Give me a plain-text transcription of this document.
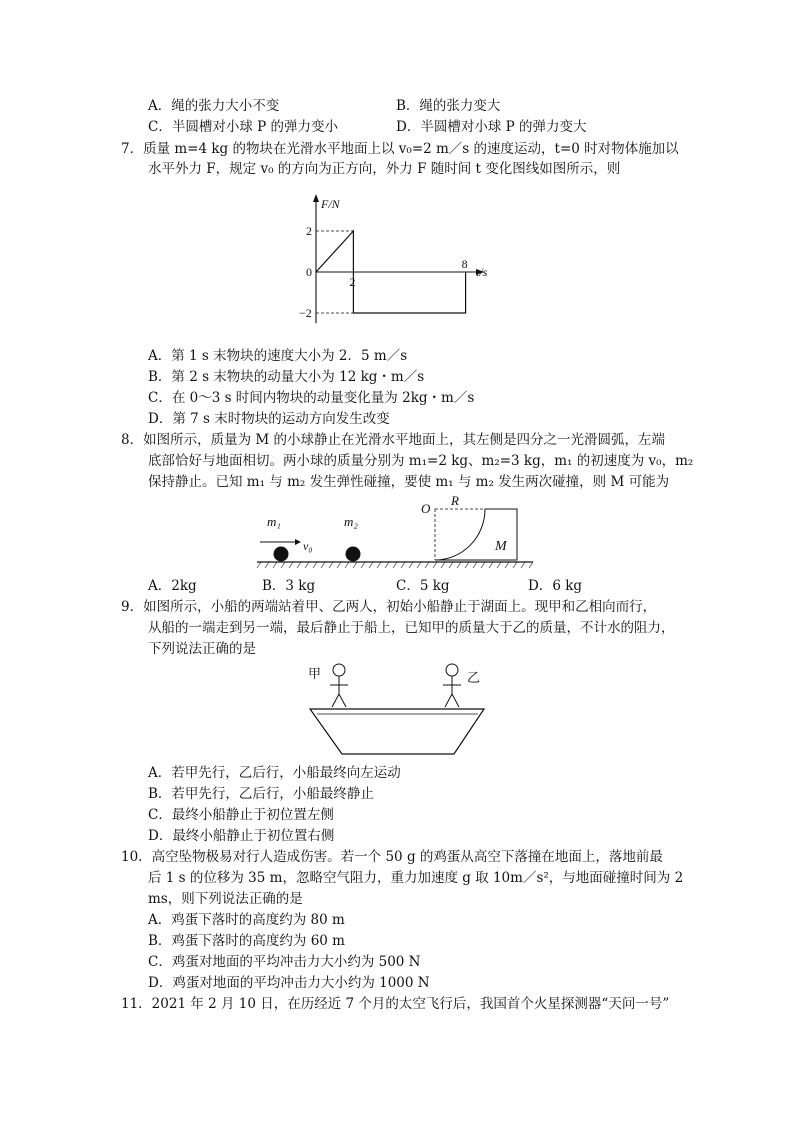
A．绳的张力大小不变	B．绳的张力变大
C．半圆槽对小球 P 的弹力变小	D．半圆槽对小球 P 的弹力变大
7．质量 m=4 kg 的物块在光滑水平地面上以 v₀=2 m／s 的速度运动，t=0 时对物体施加以
水平外力 F，规定 v₀ 的方向为正方向，外力 F 随时间 t 变化图线如图所示，则
F/N
t/s
2
0
−2
2
8
A．第 1 s 末物块的速度大小为 2．5 m／s
B．第 2 s 末物块的动量大小为 12 kg・m／s
C．在 0～3 s 时间内物块的动量变化量为 2kg・m／s
D．第 7 s 末时物块的运动方向发生改变
8．如图所示，质量为 M 的小球静止在光滑水平地面上，其左侧是四分之一光滑圆弧，左端
底部恰好与地面相切。两小球的质量分别为 m₁=2 kg、m₂=3 kg，m₁ 的初速度为 v₀，m₂
保持静止。已知 m₁ 与 m₂ 发生弹性碰撞，要使 m₁ 与 m₂ 发生两次碰撞，则 M 可能为
m₁	m₂
v₀
O
R
M
A．2kg	B．3 kg	C．5 kg	D．6 kg
9．如图所示，小船的两端站着甲、乙两人，初始小船静止于湖面上。现甲和乙相向而行，
从船的一端走到另一端，最后静止于船上，已知甲的质量大于乙的质量，不计水的阻力，
下列说法正确的是
甲	乙
A．若甲先行，乙后行，小船最终向左运动
B．若甲先行，乙后行，小船最终静止
C．最终小船静止于初位置左侧
D．最终小船静止于初位置右侧
10．高空坠物极易对行人造成伤害。若一个 50 g 的鸡蛋从高空下落撞在地面上，落地前最
后 1 s 的位移为 35 m，忽略空气阻力，重力加速度 g 取 10m／s²，与地面碰撞时间为 2
ms，则下列说法正确的是
A．鸡蛋下落时的高度约为 80 m
B．鸡蛋下落时的高度约为 60 m
C．鸡蛋对地面的平均冲击力大小约为 500 N
D．鸡蛋对地面的平均冲击力大小约为 1000 N
11．2021 年 2 月 10 日，在历经近 7 个月的太空飞行后，我国首个火星探测器“天问一号”
